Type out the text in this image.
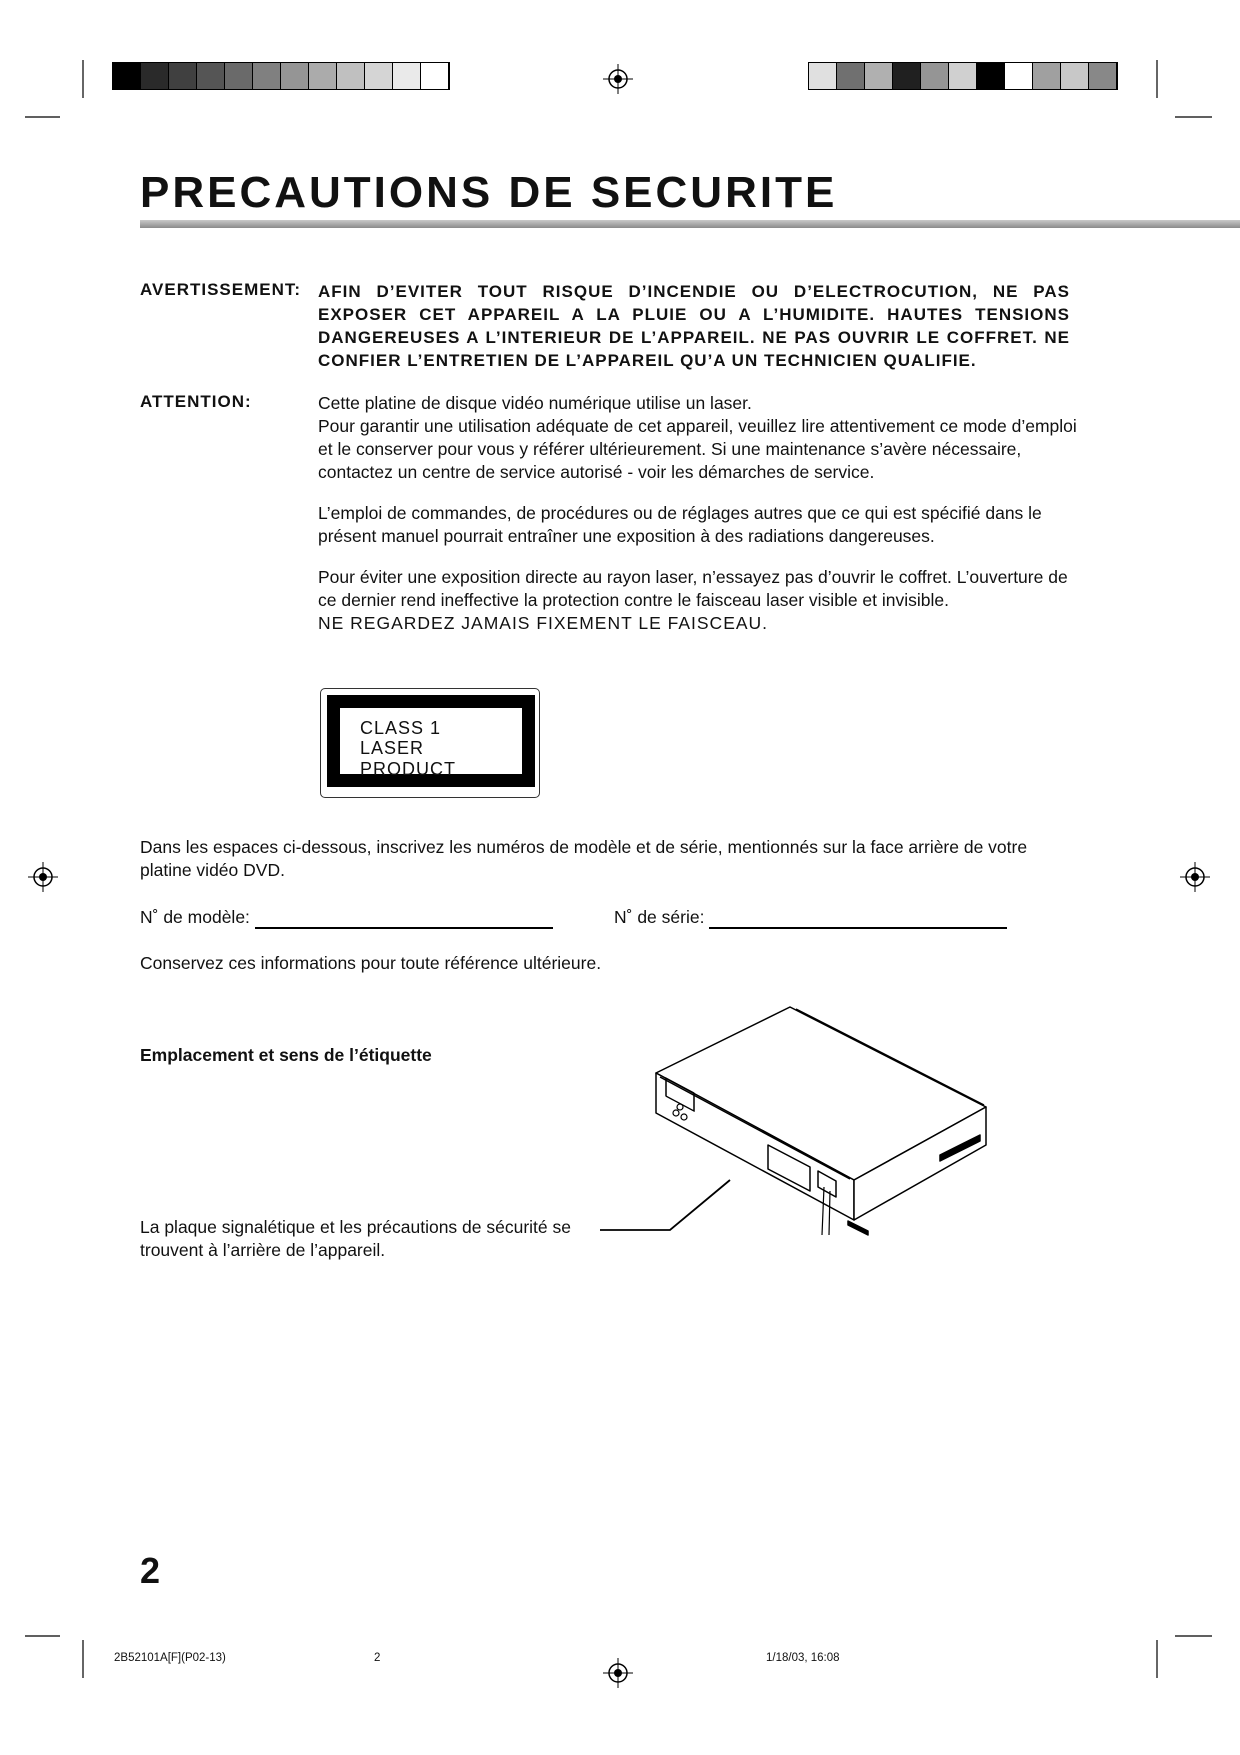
PRECAUTIONS DE SECURITE
AVERTISSEMENT: AFIN D’EVITER TOUT RISQUE D’INCENDIE OU D’ELECTROCUTION, NE PAS EXPOSER CET APPAREIL A LA PLUIE OU A L’HUMIDITE. HAUTES TENSIONS DANGEREUSES A L’INTERIEUR DE L’APPAREIL. NE PAS OUVRIR LE COFFRET. NE CONFIER L’ENTRETIEN DE L’APPAREIL QU’A UN TECHNICIEN QUALIFIE.

ATTENTION:	Cette platine de disque vidéo numérique utilise un laser.
Pour garantir une utilisation adéquate de cet appareil, veuillez lire attentivement ce mode d’emploi et le conserver pour vous y référer ultérieurement. Si une maintenance s’avère nécessaire, contactez un centre de service autorisé - voir les démarches de service.

L’emploi de commandes, de procédures ou de réglages autres que ce qui est spécifié dans le présent manuel pourrait entraîner une exposition à des radiations dangereuses.

Pour éviter une exposition directe au rayon laser, n’essayez pas d’ouvrir le coffret. L’ouverture de ce dernier rend ineffective la protection contre le faisceau laser visible et invisible.
NE REGARDEZ JAMAIS FIXEMENT LE FAISCEAU.

CLASS 1
LASER PRODUCT

Dans les espaces ci-dessous, inscrivez les numéros de modèle et de série, mentionnés sur la face arrière de votre platine vidéo DVD.

N˚ de modèle:	N˚ de série:

Conservez ces informations pour toute référence ultérieure.

Emplacement et sens de l’étiquette

La plaque signalétique et les précautions de sécurité se trouvent à l’arrière de l’appareil.

2
2B52101A[F](P02-13)	2	1/18/03, 16:08
